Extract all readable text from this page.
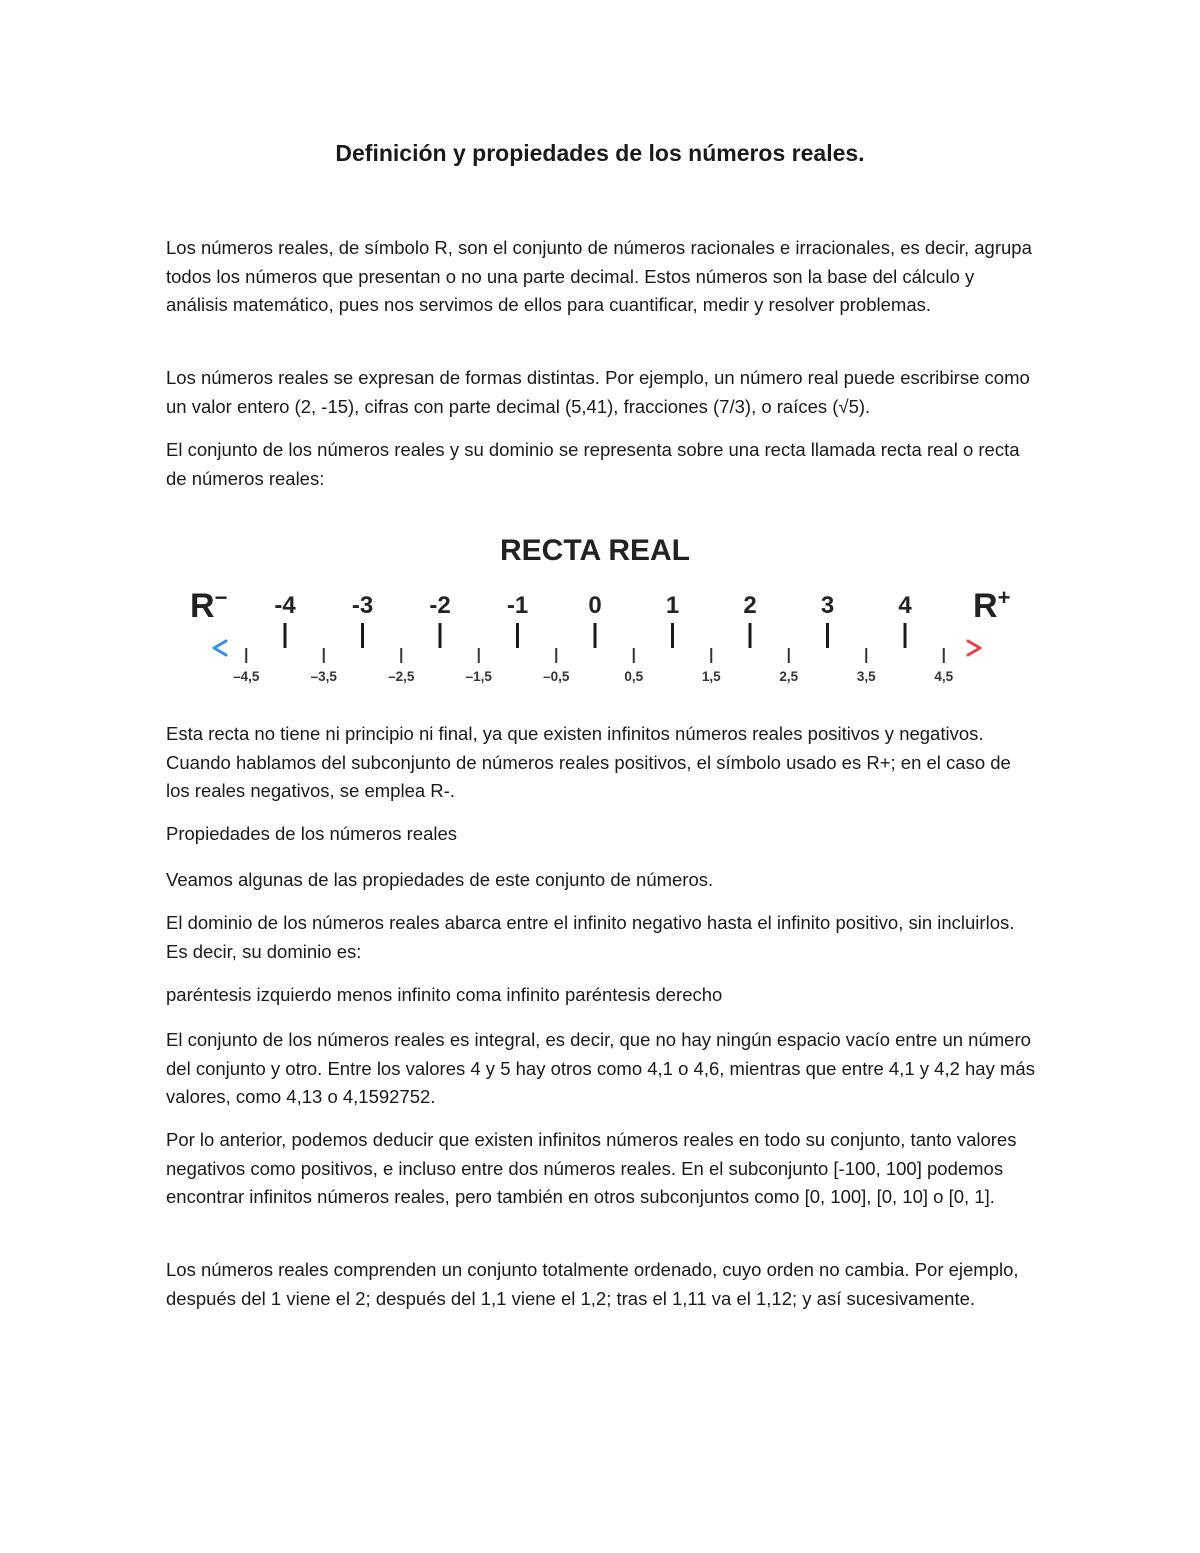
Definición y propiedades de los números reales.

Los números reales, de símbolo R, son el conjunto de números racionales e irracionales, es decir, agrupa todos los números que presentan o no una parte decimal. Estos números son la base del cálculo y análisis matemático, pues nos servimos de ellos para cuantificar, medir y resolver problemas.

Los números reales se expresan de formas distintas. Por ejemplo, un número real puede escribirse como un valor entero (2, -15), cifras con parte decimal (5,41), fracciones (7/3), o raíces (√5).

El conjunto de los números reales y su dominio se representa sobre una recta llamada recta real o recta de números reales:

RECTA REAL
R−	R+
-4 -3 -2 -1	0	1	2	3	4
–4,5	–3,5	–2,5	–1,5	–0,5	0,5	1,5	2,5	3,5	4,5

Esta recta no tiene ni principio ni final, ya que existen infinitos números reales positivos y negativos. Cuando hablamos del subconjunto de números reales positivos, el símbolo usado es R+; en el caso de los reales negativos, se emplea R-.

Propiedades de los números reales

Veamos algunas de las propiedades de este conjunto de números.

El dominio de los números reales abarca entre el infinito negativo hasta el infinito positivo, sin incluirlos. Es decir, su dominio es:

paréntesis izquierdo menos infinito coma infinito paréntesis derecho

El conjunto de los números reales es integral, es decir, que no hay ningún espacio vacío entre un número del conjunto y otro. Entre los valores 4 y 5 hay otros como 4,1 o 4,6, mientras que entre 4,1 y 4,2 hay más valores, como 4,13 o 4,1592752.

Por lo anterior, podemos deducir que existen infinitos números reales en todo su conjunto, tanto valores negativos como positivos, e incluso entre dos números reales. En el subconjunto [-100, 100] podemos encontrar infinitos números reales, pero también en otros subconjuntos como [0, 100], [0, 10] o [0, 1].

Los números reales comprenden un conjunto totalmente ordenado, cuyo orden no cambia. Por ejemplo, después del 1 viene el 2; después del 1,1 viene el 1,2; tras el 1,11 va el 1,12; y así sucesivamente.
